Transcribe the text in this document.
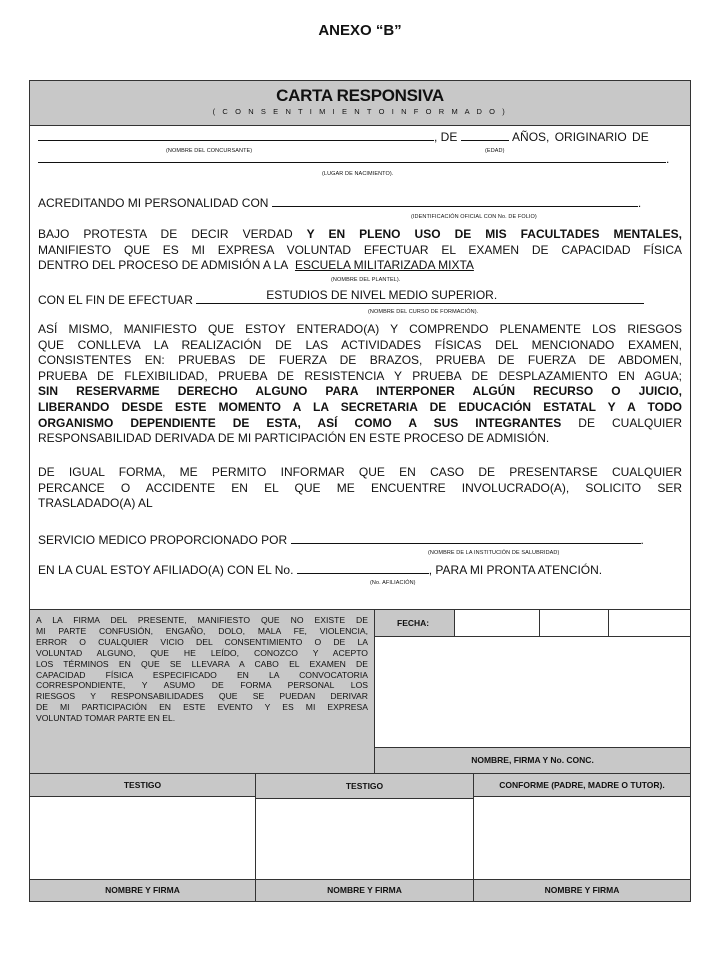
ANEXO “B”
CARTA RESPONSIVA
( C O N S E N T I M I E N T O I N F O R M A D O )
, DE	AÑOS, ORIGINARIO DE
(NOMBRE DEL CONCURSANTE)	(EDAD)
.
(LUGAR DE NACIMIENTO).
ACREDITANDO MI PERSONALIDAD CON	.
(IDENTIFICACIÓN OFICIAL CON No. DE FOLIO)
BAJO PROTESTA DE DECIR VERDAD Y EN PLENO USO DE MIS FACULTADES MENTALES,
MANIFIESTO QUE ES MI EXPRESA VOLUNTAD EFECTUAR EL EXAMEN DE CAPACIDAD FÍSICA
DENTRO DEL PROCESO DE ADMISIÓN A LA ESCUELA MILITARIZADA MIXTA
(NOMBRE DEL PLANTEL).
CON EL FIN DE EFECTUAR	ESTUDIOS DE NIVEL MEDIO SUPERIOR.
(NOMBRE DEL CURSO DE FORMACIÓN).
ASÍ MISMO, MANIFIESTO QUE ESTOY ENTERADO(A) Y COMPRENDO PLENAMENTE LOS RIESGOS
QUE CONLLEVA LA REALIZACIÓN DE LAS ACTIVIDADES FÍSICAS DEL MENCIONADO EXAMEN,
CONSISTENTES EN: PRUEBAS DE FUERZA DE BRAZOS, PRUEBA DE FUERZA DE ABDOMEN,
PRUEBA DE FLEXIBILIDAD, PRUEBA DE RESISTENCIA Y PRUEBA DE DESPLAZAMIENTO EN AGUA;
SIN RESERVARME DERECHO ALGUNO PARA INTERPONER ALGÚN RECURSO O JUICIO,
LIBERANDO DESDE ESTE MOMENTO A LA SECRETARIA DE EDUCACIÓN ESTATAL Y A TODO
ORGANISMO DEPENDIENTE DE ESTA, ASÍ COMO A SUS INTEGRANTES DE CUALQUIER
RESPONSABILIDAD DERIVADA DE MI PARTICIPACIÓN EN ESTE PROCESO DE ADMISIÓN.
DE IGUAL FORMA, ME PERMITO INFORMAR QUE EN CASO DE PRESENTARSE CUALQUIER
PERCANCE O ACCIDENTE EN EL QUE ME ENCUENTRE INVOLUCRADO(A), SOLICITO SER
TRASLADADO(A) AL
SERVICIO MEDICO PROPORCIONADO POR	.
(NOMBRE DE LA INSTITUCIÓN DE SALUBRIDAD)
EN LA CUAL ESTOY AFILIADO(A) CON EL No.	, PARA MI PRONTA ATENCIÓN.
(No. AFILIACIÓN)
A LA FIRMA DEL PRESENTE, MANIFIESTO QUE NO EXISTE DE
MI PARTE CONFUSIÓN, ENGAÑO, DOLO, MALA FE, VIOLENCIA,
ERROR O CUALQUIER VICIO DEL CONSENTIMIENTO O DE LA
VOLUNTAD ALGUNO, QUE HE LEÍDO, CONOZCO Y ACEPTO
LOS TÉRMINOS EN QUE SE LLEVARA A CABO EL EXAMEN DE
CAPACIDAD FÍSICA ESPECIFICADO EN LA CONVOCATORIA
CORRESPONDIENTE, Y ASUMO DE FORMA PERSONAL LOS
RIESGOS Y RESPONSABILIDADES QUE SE PUEDAN DERIVAR
DE MI PARTICIPACIÓN EN ESTE EVENTO Y ES MI EXPRESA
VOLUNTAD TOMAR PARTE EN EL.
FECHA:
NOMBRE, FIRMA Y No. CONC.
TESTIGO	TESTIGO	CONFORME (PADRE, MADRE O TUTOR).
NOMBRE Y FIRMA	NOMBRE Y FIRMA	NOMBRE Y FIRMA
